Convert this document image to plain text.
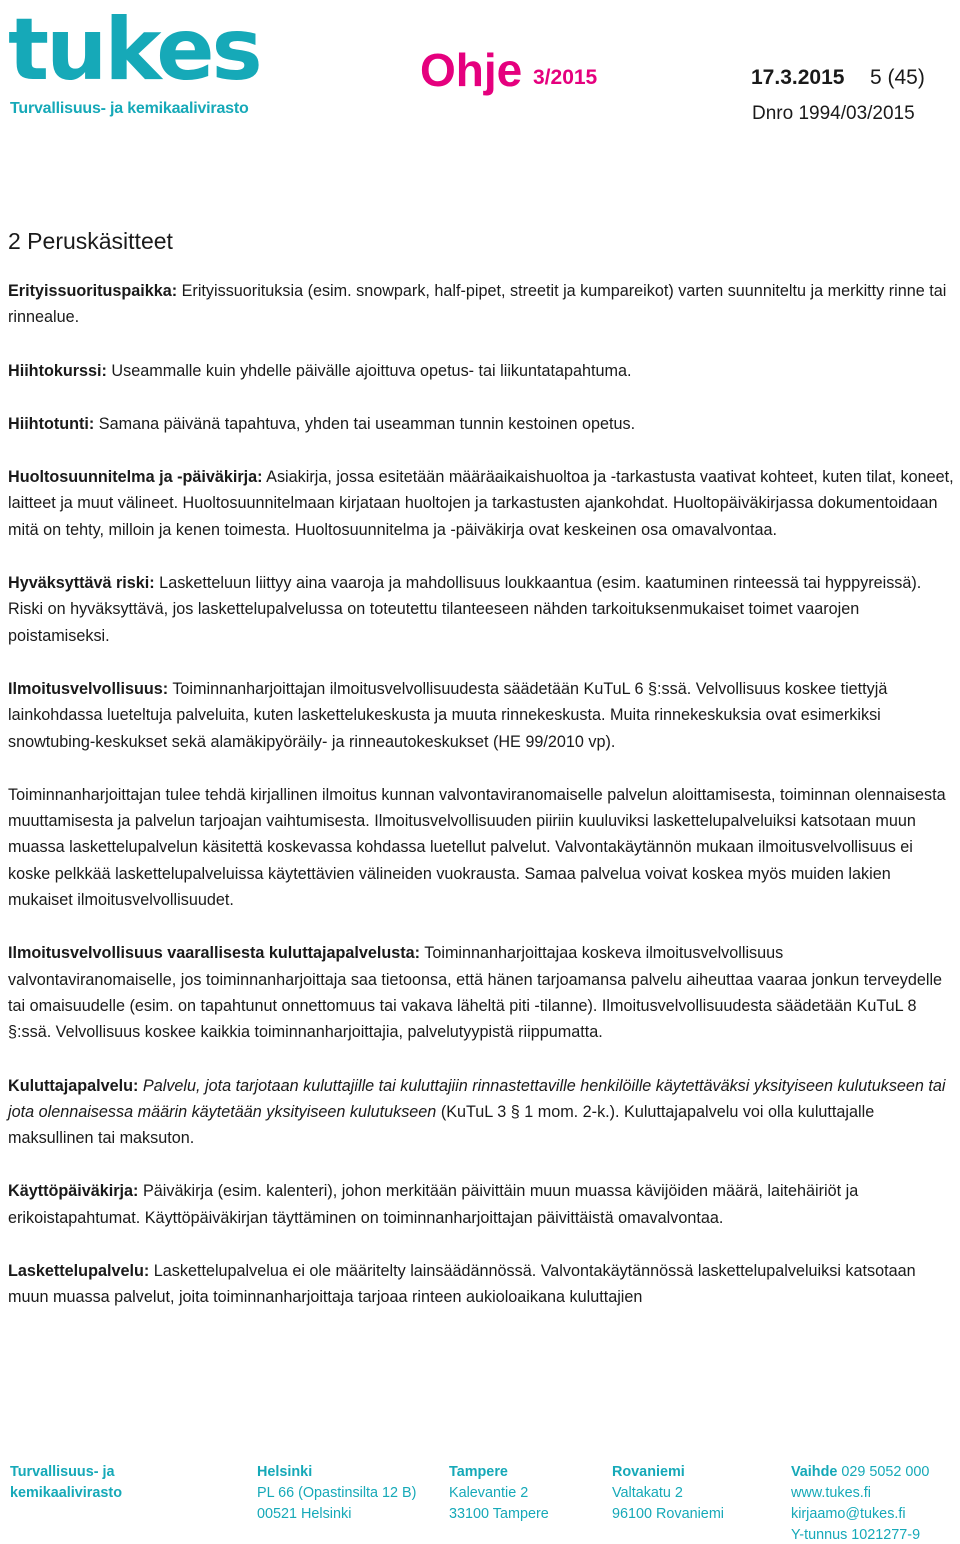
tukes
Turvallisuus- ja kemikaalivirasto
Ohje 3/2015	17.3.2015 5 (45)
Dnro 1994/03/2015
2 Peruskäsitteet

Erityissuorituspaikka: Erityissuorituksia (esim. snowpark, half-pipet, streetit ja kumpareikot) varten suunniteltu ja merkitty rinne tai rinnealue.

Hiihtokurssi: Useammalle kuin yhdelle päivälle ajoittuva opetus- tai liikuntatapahtuma.

Hiihtotunti: Samana päivänä tapahtuva, yhden tai useamman tunnin kestoinen opetus.

Huoltosuunnitelma ja -päiväkirja: Asiakirja, jossa esitetään määräaikaishuoltoa ja -tarkastusta vaativat kohteet, kuten tilat, koneet, laitteet ja muut välineet. Huoltosuunnitelmaan kirjataan huoltojen ja tarkastusten ajankohdat. Huoltopäiväkirjassa dokumentoidaan mitä on tehty, milloin ja kenen toimesta. Huoltosuunnitelma ja -päiväkirja ovat keskeinen osa omavalvontaa.

Hyväksyttävä riski: Lasketteluun liittyy aina vaaroja ja mahdollisuus loukkaantua (esim. kaatuminen rinteessä tai hyppyreissä). Riski on hyväksyttävä, jos laskettelupalvelussa on toteutettu tilanteeseen nähden tarkoituksenmukaiset toimet vaarojen poistamiseksi.

Ilmoitusvelvollisuus: Toiminnanharjoittajan ilmoitusvelvollisuudesta säädetään KuTuL 6 §:ssä. Velvollisuus koskee tiettyjä lainkohdassa lueteltuja palveluita, kuten laskettelukeskusta ja muuta rinnekeskusta. Muita rinnekeskuksia ovat esimerkiksi snowtubing-keskukset sekä alamäkipyöräily- ja rinneautokeskukset (HE 99/2010 vp).

Toiminnanharjoittajan tulee tehdä kirjallinen ilmoitus kunnan valvontaviranomaiselle palvelun aloittamisesta, toiminnan olennaisesta muuttamisesta ja palvelun tarjoajan vaihtumisesta. Ilmoitusvelvollisuuden piiriin kuuluviksi laskettelupalveluiksi katsotaan muun muassa laskettelupalvelun käsitettä koskevassa kohdassa luetellut palvelut. Valvontakäytännön mukaan ilmoitusvelvollisuus ei koske pelkkää laskettelupalveluissa käytettävien välineiden vuokrausta. Samaa palvelua voivat koskea myös muiden lakien mukaiset ilmoitusvelvollisuudet.

Ilmoitusvelvollisuus vaarallisesta kuluttajapalvelusta: Toiminnanharjoittajaa koskeva ilmoitusvelvollisuus valvontaviranomaiselle, jos toiminnanharjoittaja saa tietoonsa, että hänen tarjoamansa palvelu aiheuttaa vaaraa jonkun terveydelle tai omaisuudelle (esim. on tapahtunut onnettomuus tai vakava läheltä piti -tilanne). Ilmoitusvelvollisuudesta säädetään KuTuL 8 §:ssä. Velvollisuus koskee kaikkia toiminnanharjoittajia, palvelutyypistä riippumatta.

Kuluttajapalvelu: Palvelu, jota tarjotaan kuluttajille tai kuluttajiin rinnastettaville henkilöille käytettäväksi yksityiseen kulutukseen tai jota olennaisessa määrin käytetään yksityiseen kulutukseen (KuTuL 3 § 1 mom. 2-k.). Kuluttajapalvelu voi olla kuluttajalle maksullinen tai maksuton.

Käyttöpäiväkirja: Päiväkirja (esim. kalenteri), johon merkitään päivittäin muun muassa kävijöiden määrä, laitehäiriöt ja erikoistapahtumat. Käyttöpäiväkirjan täyttäminen on toiminnanharjoittajan päivittäistä omavalvontaa.

Laskettelupalvelu: Laskettelupalvelua ei ole määritelty lainsäädännössä. Valvontakäytännössä laskettelupalveluiksi katsotaan muun muassa palvelut, joita toiminnanharjoittaja tarjoaa rinteen aukioloaikana kuluttajien

Turvallisuus- ja
kemikaalivirasto
Helsinki
PL 66 (Opastinsilta 12 B)
00521 Helsinki
Tampere
Kalevantie 2
33100 Tampere
Rovaniemi
Valtakatu 2
96100 Rovaniemi
Vaihde 029 5052 000
www.tukes.fi
kirjaamo@tukes.fi
Y-tunnus 1021277-9
